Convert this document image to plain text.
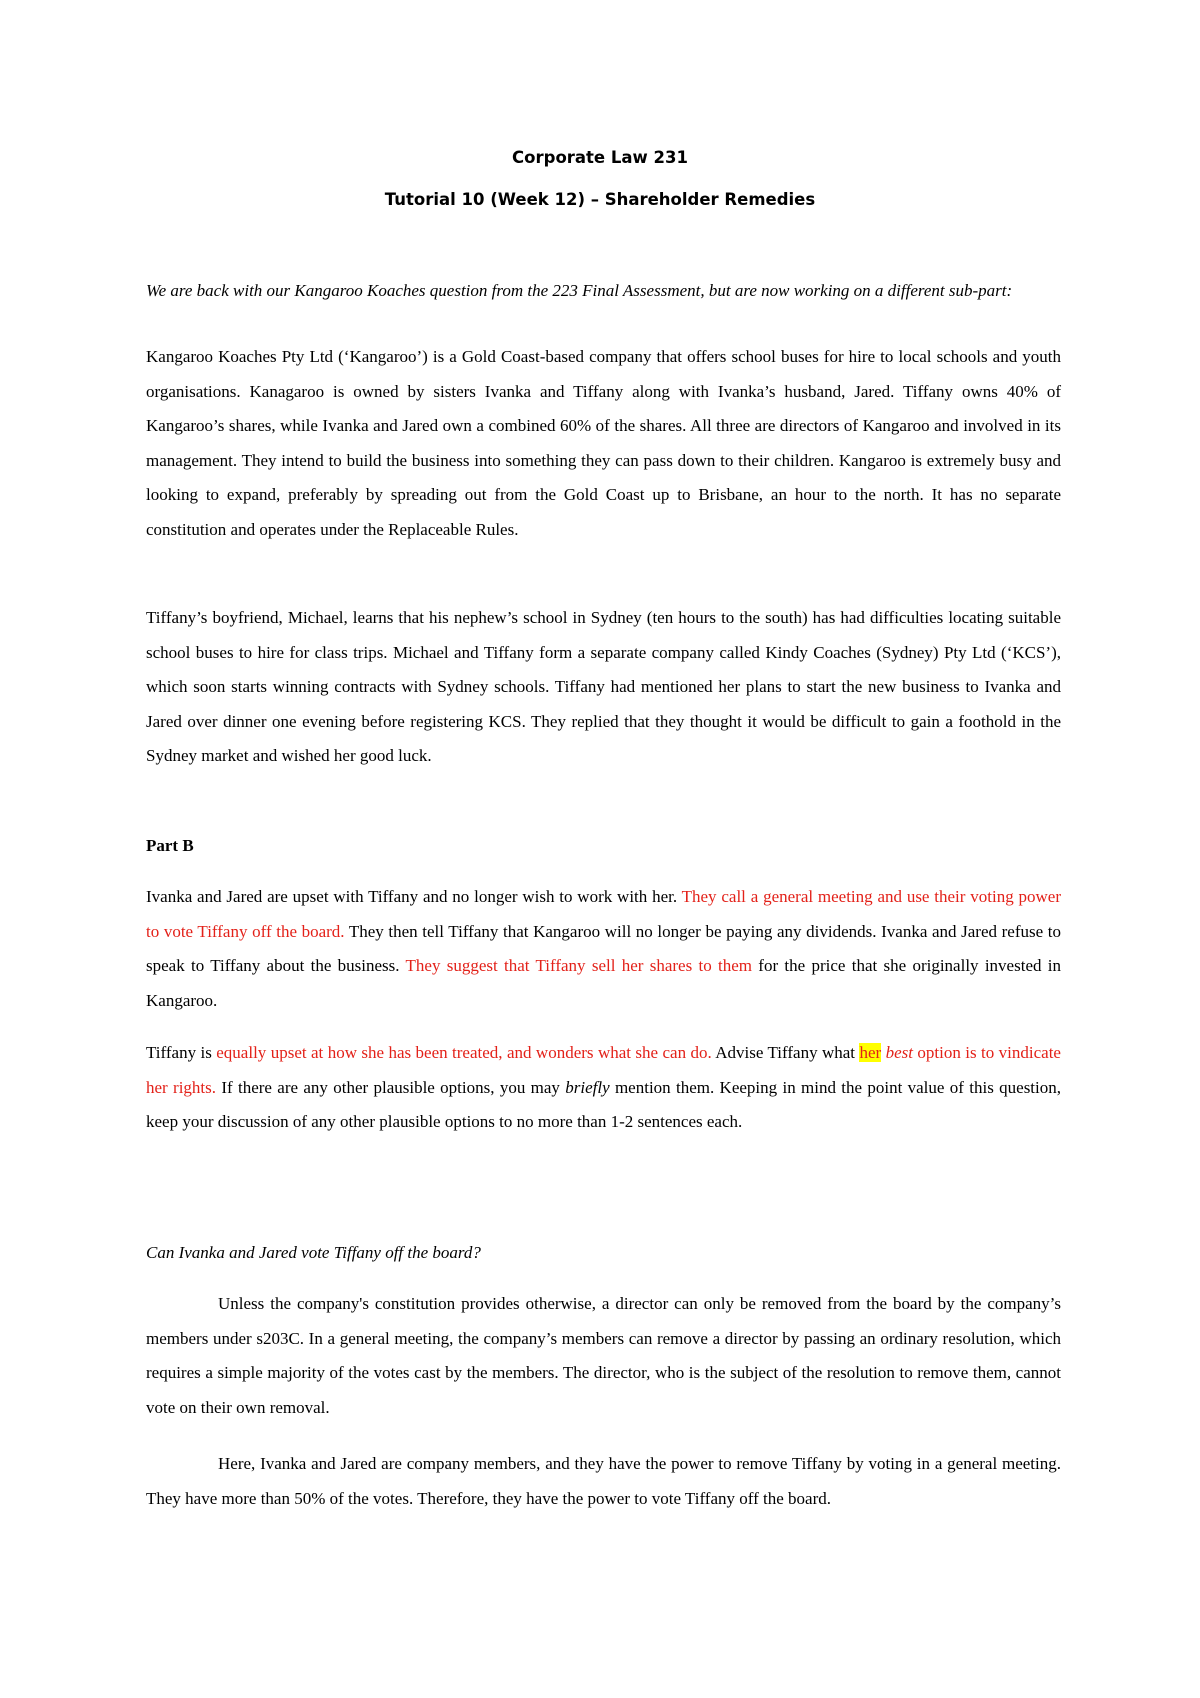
Corporate Law 231
Tutorial 10 (Week 12) – Shareholder Remedies

We are back with our Kangaroo Koaches question from the 223 Final Assessment, but are now working on a different sub-part:

Kangaroo Koaches Pty Ltd (‘Kangaroo’) is a Gold Coast-based company that offers school buses for hire to local schools and youth organisations. Kanagaroo is owned by sisters Ivanka and Tiffany along with Ivanka’s husband, Jared. Tiffany owns 40% of Kangaroo’s shares, while Ivanka and Jared own a combined 60% of the shares. All three are directors of Kangaroo and involved in its management. They intend to build the business into something they can pass down to their children. Kangaroo is extremely busy and looking to expand, preferably by spreading out from the Gold Coast up to Brisbane, an hour to the north. It has no separate constitution and operates under the Replaceable Rules.

Tiffany’s boyfriend, Michael, learns that his nephew’s school in Sydney (ten hours to the south) has had difficulties locating suitable school buses to hire for class trips. Michael and Tiffany form a separate company called Kindy Coaches (Sydney) Pty Ltd (‘KCS’), which soon starts winning contracts with Sydney schools. Tiffany had mentioned her plans to start the new business to Ivanka and Jared over dinner one evening before registering KCS. They replied that they thought it would be difficult to gain a foothold in the Sydney market and wished her good luck.

Part B

Ivanka and Jared are upset with Tiffany and no longer wish to work with her. They call a general meeting and use their voting power to vote Tiffany off the board. They then tell Tiffany that Kangaroo will no longer be paying any dividends. Ivanka and Jared refuse to speak to Tiffany about the business. They suggest that Tiffany sell her shares to them for the price that she originally invested in Kangaroo.

Tiffany is equally upset at how she has been treated, and wonders what she can do. Advise Tiffany what her best option is to vindicate her rights. If there are any other plausible options, you may briefly mention them. Keeping in mind the point value of this question, keep your discussion of any other plausible options to no more than 1-2 sentences each.

Can Ivanka and Jared vote Tiffany off the board?

Unless the company's constitution provides otherwise, a director can only be removed from the board by the company’s members under s203C. In a general meeting, the company’s members can remove a director by passing an ordinary resolution, which requires a simple majority of the votes cast by the members. The director, who is the subject of the resolution to remove them, cannot vote on their own removal.

Here, Ivanka and Jared are company members, and they have the power to remove Tiffany by voting in a general meeting. They have more than 50% of the votes. Therefore, they have the power to vote Tiffany off the board.
